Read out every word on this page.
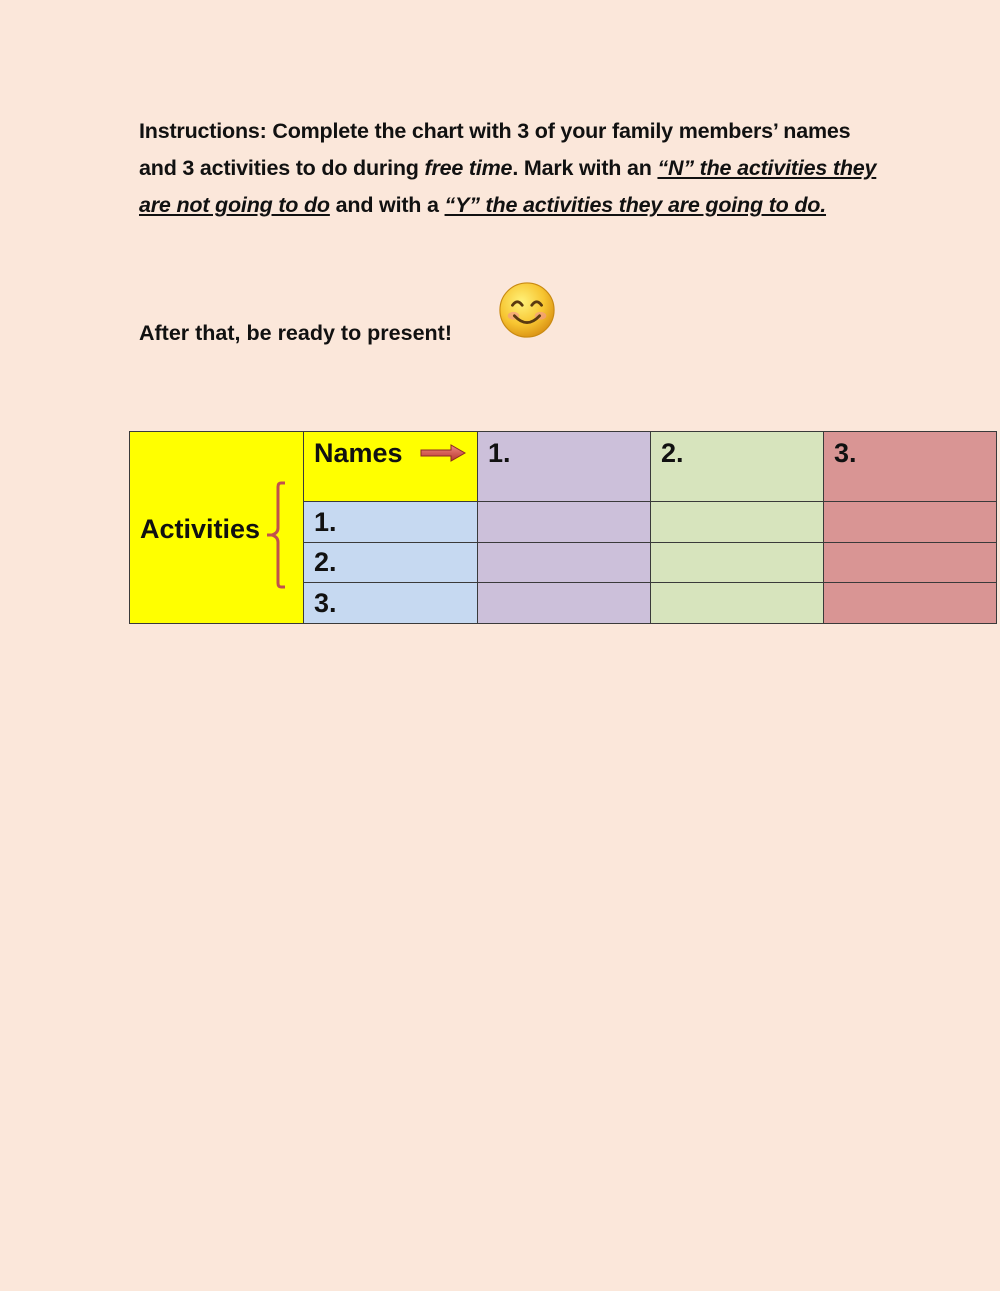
Instructions: Complete the chart with 3 of your family members’ names and 3 activities to do during free time. Mark with an “N” the activities they are not going to do and with a “Y” the activities they are going to do.
After that, be ready to present!
Activities
Names	1.	2.	3.
1.
2.
3.
